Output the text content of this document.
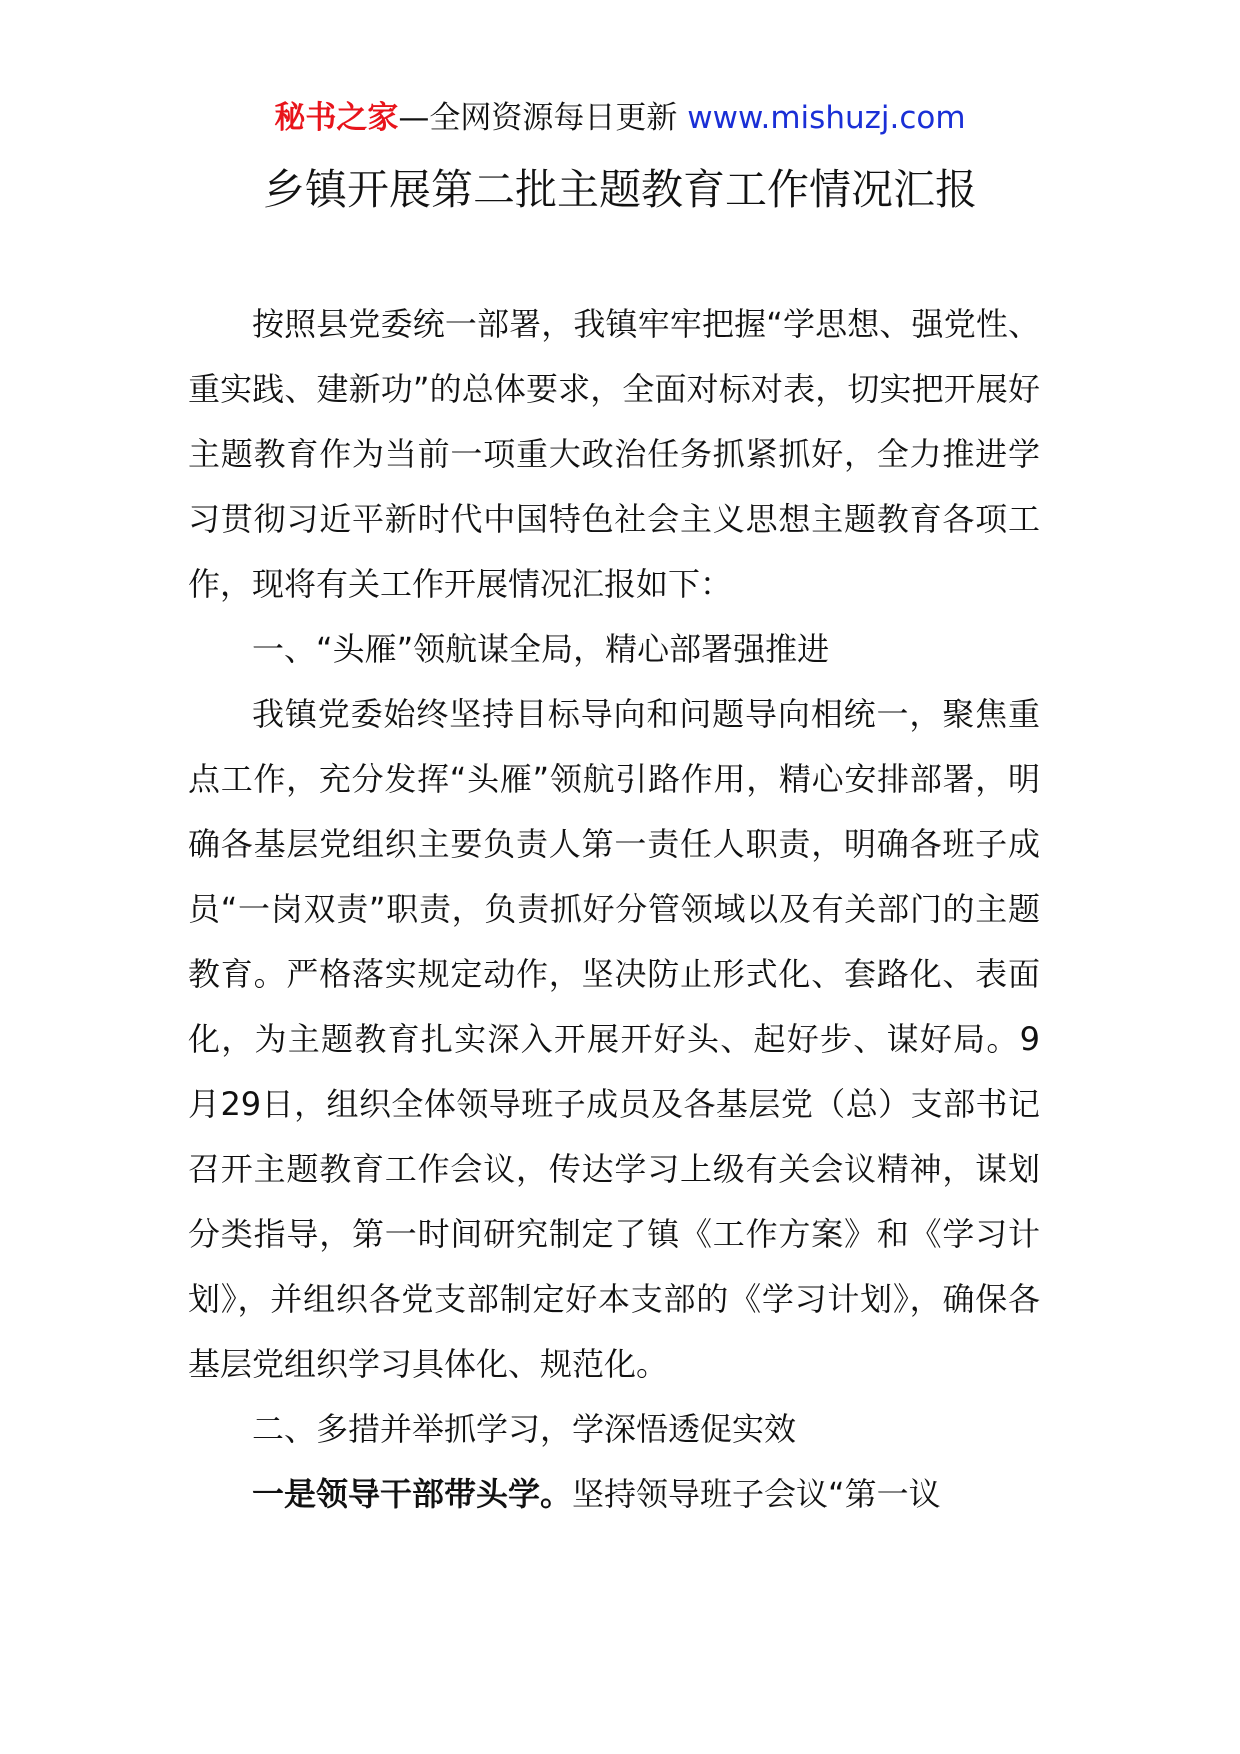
秘书之家—全网资源每日更新 www.mishuzj.com
乡镇开展第二批主题教育工作情况汇报

按照县党委统一部署，我镇牢牢把握“学思想、强党性、重实践、建新功”的总体要求，全面对标对表，切实把开展好主题教育作为当前一项重大政治任务抓紧抓好，全力推进学习贯彻习近平新时代中国特色社会主义思想主题教育各项工作，现将有关工作开展情况汇报如下：

一、“头雁”领航谋全局，精心部署强推进

我镇党委始终坚持目标导向和问题导向相统一，聚焦重点工作，充分发挥“头雁”领航引路作用，精心安排部署，明确各基层党组织主要负责人第一责任人职责，明确各班子成员“一岗双责”职责，负责抓好分管领域以及有关部门的主题教育。严格落实规定动作，坚决防止形式化、套路化、表面化，为主题教育扎实深入开展开好头、起好步、谋好局。9月29日，组织全体领导班子成员及各基层党（总）支部书记召开主题教育工作会议，传达学习上级有关会议精神，谋划分类指导，第一时间研究制定了镇《工作方案》和《学习计划》，并组织各党支部制定好本支部的《学习计划》，确保各基层党组织学习具体化、规范化。

二、多措并举抓学习，学深悟透促实效

一是领导干部带头学。坚持领导班子会议“第一议
